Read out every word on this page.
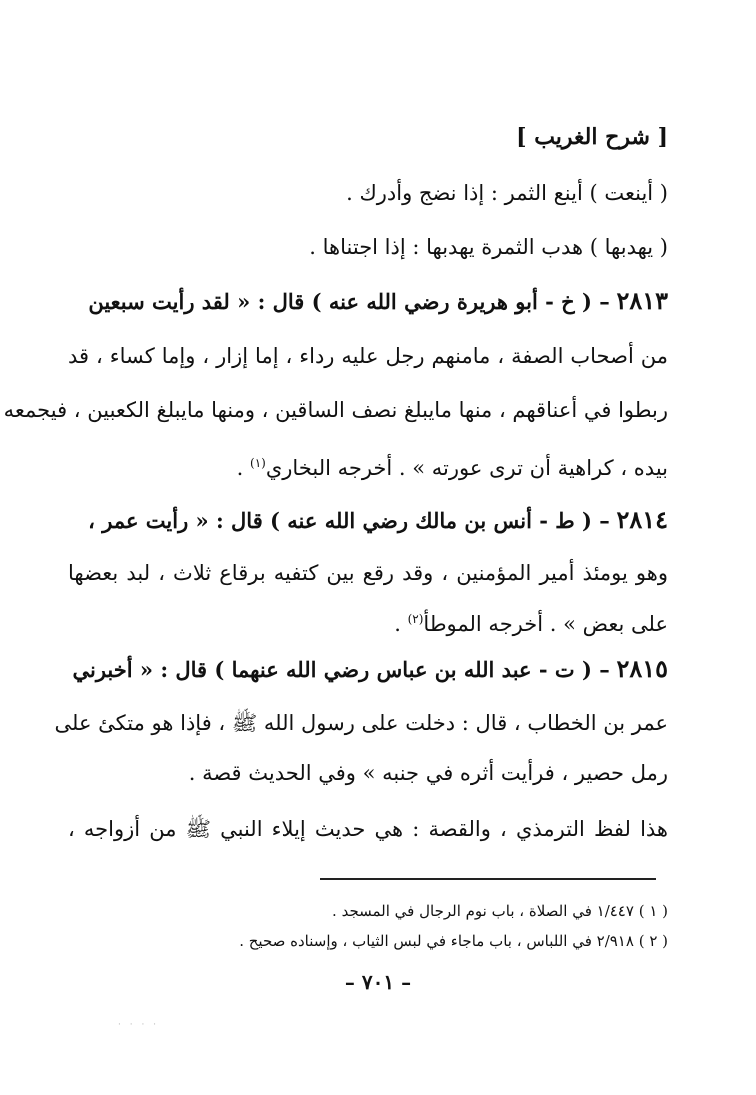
[ شرح الغريب ]
( أينعت ) أينع الثمر : إذا نضج وأدرك .
( يهدبها ) هدب الثمرة يهدبها : إذا اجتناها .
٢٨١٣ – ( خ - أبو هريرة رضي الله عنه ) قال : « لقد رأيت سبعين
من أصحاب الصفة ، مامنهم رجل عليه رداء ، إما إزار ، وإما كساء ، قد
ربطوا في أعناقهم ، منها مايبلغ نصف الساقين ، ومنها مايبلغ الكعبين ، فيجمعه
بيده ، كراهية أن ترى عورته » . أخرجه البخاري$^{(١)}$ .
٢٨١٤ – ( ط - أنس بن مالك رضي الله عنه ) قال : « رأيت عمر ،
وهو يومئذ أمير المؤمنين ، وقد رقع بين كتفيه برقاع ثلاث ، لبد بعضها
على بعض » . أخرجه الموطأ$^{(٢)}$ .
٢٨١٥ – ( ت - عبد الله بن عباس رضي الله عنهما ) قال : « أخبرني
عمر بن الخطاب ، قال : دخلت على رسول الله ﷺ ، فإذا هو متكئ على
رمل حصير ، فرأيت أثره في جنبه » وفي الحديث قصة .
هذا لفظ الترمذي ، والقصة : هي حديث إيلاء النبي ﷺ من أزواجه ،
( ١ ) ١/٤٤٧ في الصلاة ، باب نوم الرجال في المسجد .
( ٢ ) ٢/٩١٨ في اللباس ، باب ماجاء في لبس الثياب ، وإسناده صحيح .
– ٧٠١ –
· · · ·
